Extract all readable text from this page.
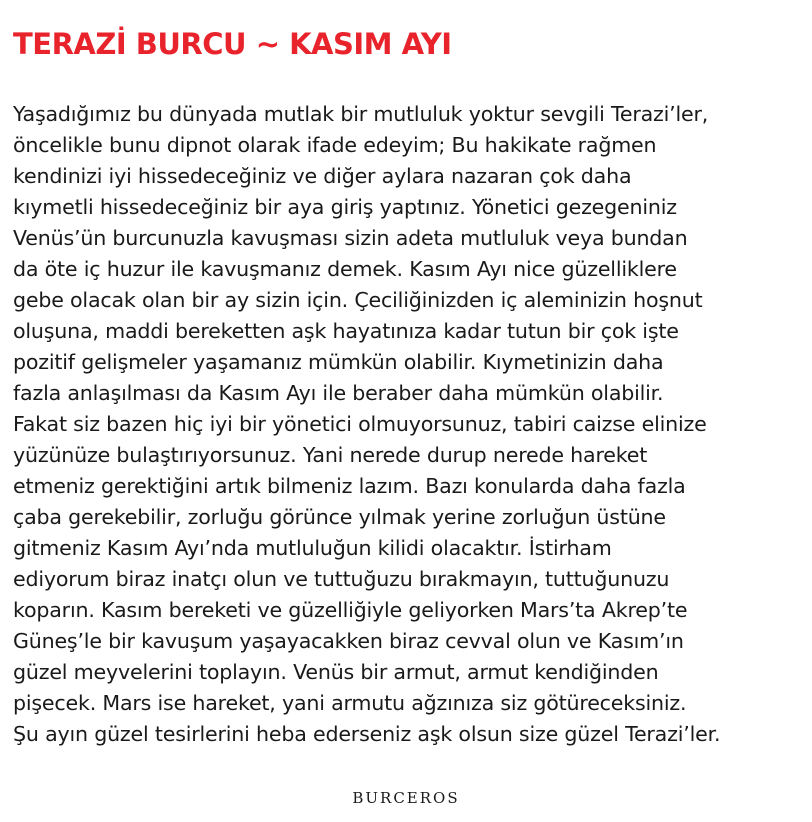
TERAZİ BURCU ~ KASIM AYI
Yaşadığımız bu dünyada mutlak bir mutluluk yoktur sevgili Terazi’ler,
öncelikle bunu dipnot olarak ifade edeyim; Bu hakikate rağmen
kendinizi iyi hissedeceğiniz ve diğer aylara nazaran çok daha
kıymetli hissedeceğiniz bir aya giriş yaptınız. Yönetici gezegeniniz
Venüs’ün burcunuzla kavuşması sizin adeta mutluluk veya bundan
da öte iç huzur ile kavuşmanız demek. Kasım Ayı nice güzelliklere
gebe olacak olan bir ay sizin için. Çeciliğinizden iç aleminizin hoşnut
oluşuna, maddi bereketten aşk hayatınıza kadar tutun bir çok işte
pozitif gelişmeler yaşamanız mümkün olabilir. Kıymetinizin daha
fazla anlaşılması da Kasım Ayı ile beraber daha mümkün olabilir.
Fakat siz bazen hiç iyi bir yönetici olmuyorsunuz, tabiri caizse elinize
yüzünüze bulaştırıyorsunuz. Yani nerede durup nerede hareket
etmeniz gerektiğini artık bilmeniz lazım. Bazı konularda daha fazla
çaba gerekebilir, zorluğu görünce yılmak yerine zorluğun üstüne
gitmeniz Kasım Ayı’nda mutluluğun kilidi olacaktır. İstirham
ediyorum biraz inatçı olun ve tuttuğuzu bırakmayın, tuttuğunuzu
koparın. Kasım bereketi ve güzelliğiyle geliyorken Mars’ta Akrep’te
Güneş’le bir kavuşum yaşayacakken biraz cevval olun ve Kasım’ın
güzel meyvelerini toplayın. Venüs bir armut, armut kendiğinden
pişecek. Mars ise hareket, yani armutu ağzınıza siz götüreceksiniz.
Şu ayın güzel tesirlerini heba ederseniz aşk olsun size güzel Terazi’ler.
BURCEROS
